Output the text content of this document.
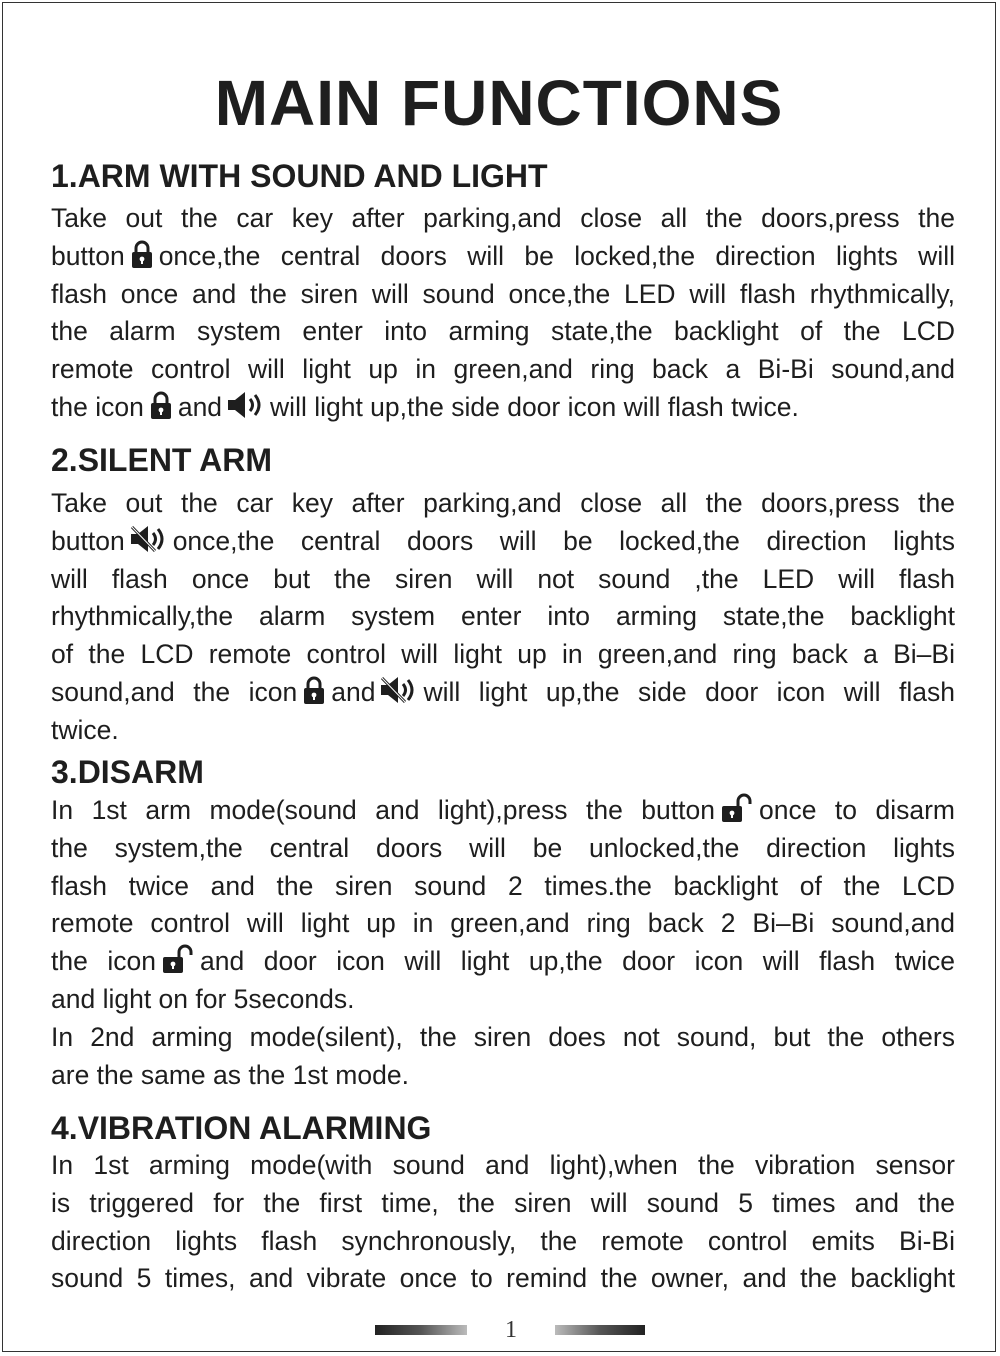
MAIN FUNCTIONS
1.ARM WITH SOUND AND LIGHT
Take out the car key after parking,and close all the doors,press the
button once,the central doors will be locked,the direction lights will
flash once and the siren will sound once,the LED will flash rhythmically,
the alarm system enter into arming state,the backlight of the LCD
remote control will light up in green,and ring back a Bi-Bi sound,and
the icon and will light up,the side door icon will flash twice.
2.SILENT ARM
Take out the car key after parking,and close all the doors,press the
button once,the central doors will be locked,the direction lights
will flash once but the siren will not sound ,the LED will flash
rhythmically,the alarm system enter into arming state,the backlight
of the LCD remote control will light up in green,and ring back a Bi–Bi
sound,and the icon and will light up,the side door icon will flash
twice.
3.DISARM
In 1st arm mode(sound and light),press the button once to disarm
the system,the central doors will be unlocked,the direction lights
flash twice and the siren sound 2 times.the backlight of the LCD
remote control will light up in green,and ring back 2 Bi–Bi sound,and
the icon and door icon will light up,the door icon will flash twice
and light on for 5seconds.
In 2nd arming mode(silent), the siren does not sound, but the others
are the same as the 1st mode.
4.VIBRATION ALARMING
In 1st arming mode(with sound and light),when the vibration sensor
is triggered for the first time, the siren will sound 5 times and the
direction lights flash synchronously, the remote control emits Bi-Bi
sound 5 times, and vibrate once to remind the owner, and the backlight
1
